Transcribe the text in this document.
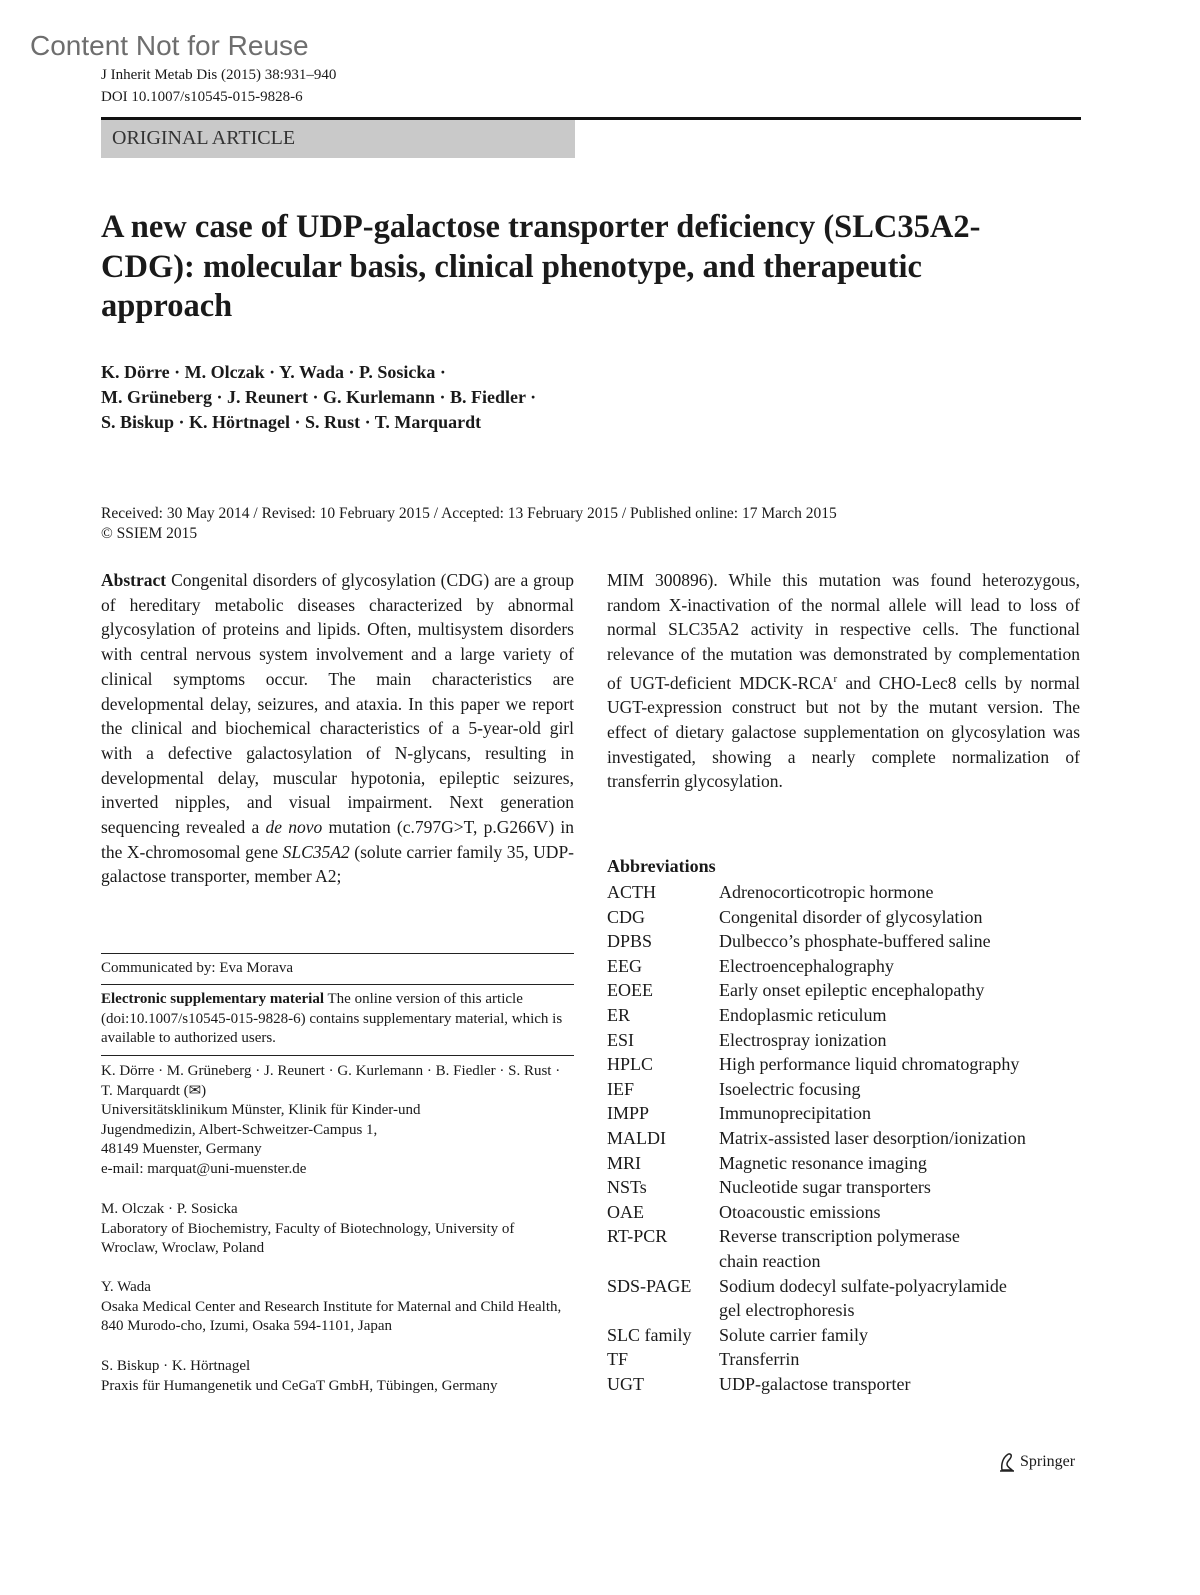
Content Not for Reuse
J Inherit Metab Dis (2015) 38:931–940
DOI 10.1007/s10545-015-9828-6
ORIGINAL ARTICLE
A new case of UDP-galactose transporter deficiency (SLC35A2-CDG): molecular basis, clinical phenotype, and therapeutic approach
K. Dörre · M. Olczak · Y. Wada · P. Sosicka ·
M. Grüneberg · J. Reunert · G. Kurlemann · B. Fiedler ·
S. Biskup · K. Hörtnagel · S. Rust · T. Marquardt
Received: 30 May 2014 / Revised: 10 February 2015 / Accepted: 13 February 2015 / Published online: 17 March 2015
© SSIEM 2015

Abstract Congenital disorders of glycosylation (CDG) are a group of hereditary metabolic diseases characterized by abnormal glycosylation of proteins and lipids. Often, multisystem disorders with central nervous system involvement and a large variety of clinical symptoms occur. The main characteristics are developmental delay, seizures, and ataxia. In this paper we report the clinical and biochemical characteristics of a 5-year-old girl with a defective galactosylation of N-glycans, resulting in developmental delay, muscular hypotonia, epileptic seizures, inverted nipples, and visual impairment. Next generation sequencing revealed a de novo mutation (c.797G>T, p.G266V) in the X-chromosomal gene SLC35A2 (solute carrier family 35, UDP-galactose transporter, member A2;

MIM 300896). While this mutation was found heterozygous, random X-inactivation of the normal allele will lead to loss of normal SLC35A2 activity in respective cells. The functional relevance of the mutation was demonstrated by complementation of UGT-deficient MDCK-RCA$^r$ and CHO-Lec8 cells by normal UGT-expression construct but not by the mutant version. The effect of dietary galactose supplementation on glycosylation was investigated, showing a nearly complete normalization of transferrin glycosylation.

Communicated by: Eva Morava
Electronic supplementary material The online version of this article (doi:10.1007/s10545-015-9828-6) contains supplementary material, which is available to authorized users.
K. Dörre · M. Grüneberg · J. Reunert · G. Kurlemann · B. Fiedler · S. Rust · T. Marquardt (✉)
Universitätsklinikum Münster, Klinik für Kinder-und
Jugendmedizin, Albert-Schweitzer-Campus 1,
48149 Muenster, Germany
e-mail: marquat@uni-muenster.de
M. Olczak · P. Sosicka
Laboratory of Biochemistry, Faculty of Biotechnology, University of Wroclaw, Wroclaw, Poland
Y. Wada
Osaka Medical Center and Research Institute for Maternal and Child Health, 840 Murodo-cho, Izumi, Osaka 594-1101, Japan
S. Biskup · K. Hörtnagel
Praxis für Humangenetik und CeGaT GmbH, Tübingen, Germany
Abbreviations
ACTH	Adrenocorticotropic hormone
CDG	Congenital disorder of glycosylation
DPBS	Dulbecco’s phosphate-buffered saline
EEG	Electroencephalography
EOEE	Early onset epileptic encephalopathy
ER	Endoplasmic reticulum
ESI	Electrospray ionization
HPLC	High performance liquid chromatography
IEF	Isoelectric focusing
IMPP	Immunoprecipitation
MALDI	Matrix-assisted laser desorption/ionization
MRI	Magnetic resonance imaging
NSTs	Nucleotide sugar transporters
OAE	Otoacoustic emissions
RT-PCR	Reverse transcription polymerase chain reaction
SDS-PAGE	Sodium dodecyl sulfate-polyacrylamide gel electrophoresis
SLC family	Solute carrier family
TF	Transferrin
UGT	UDP-galactose transporter
Springer
